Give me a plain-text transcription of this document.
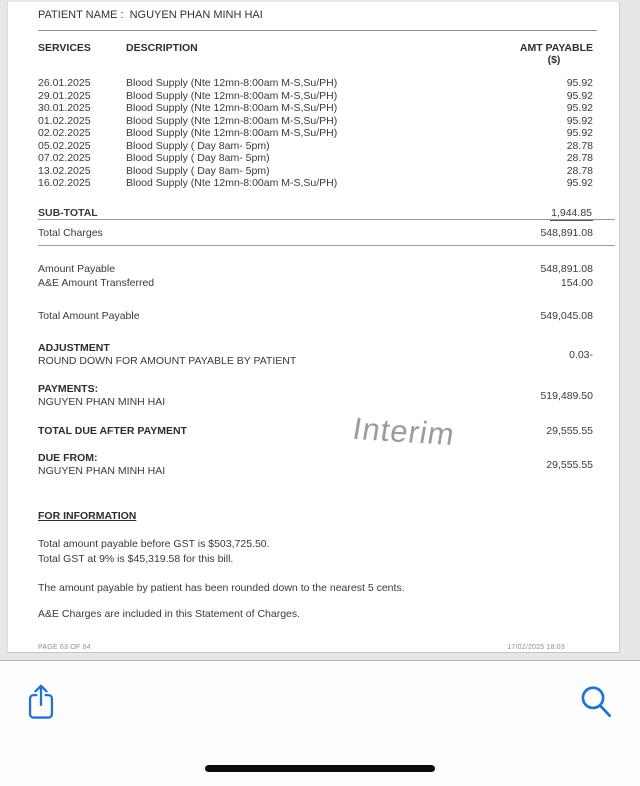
PATIENT NAME : NGUYEN PHAN MINH HAI
SERVICES	DESCRIPTION	AMT PAYABLE
($)
26.01.2025	Blood Supply (Nte 12mn-8:00am M-S,Su/PH)	95.92
29.01.2025	Blood Supply (Nte 12mn-8:00am M-S,Su/PH)	95.92
30.01.2025	Blood Supply (Nte 12mn-8:00am M-S,Su/PH)	95.92
01.02.2025	Blood Supply (Nte 12mn-8:00am M-S,Su/PH)	95.92
02.02.2025	Blood Supply (Nte 12mn-8:00am M-S,Su/PH)	95.92
05.02.2025	Blood Supply ( Day 8am- 5pm)	28.78
07.02.2025	Blood Supply ( Day 8am- 5pm)	28.78
13.02.2025	Blood Supply ( Day 8am- 5pm)	28.78
16.02.2025	Blood Supply (Nte 12mn-8:00am M-S,Su/PH)	95.92
SUB-TOTAL	1,944.85
Total Charges	548,891.08
Amount Payable	548,891.08
A&E Amount Transferred	154.00
Total Amount Payable	549,045.08
ADJUSTMENT
ROUND DOWN FOR AMOUNT PAYABLE BY PATIENT	0.03-
PAYMENTS:
NGUYEN PHAN MINH HAI	519,489.50
TOTAL DUE AFTER PAYMENT	29,555.55
DUE FROM:
NGUYEN PHAN MINH HAI	29,555.55
FOR INFORMATION
Total amount payable before GST is $503,725.50.
Total GST at 9% is $45,319.58 for this bill.
The amount payable by patient has been rounded down to the nearest 5 cents.
A&E Charges are included in this Statement of Charges.
PAGE 63 OF 64	17/02/2025 18:03
Interim
